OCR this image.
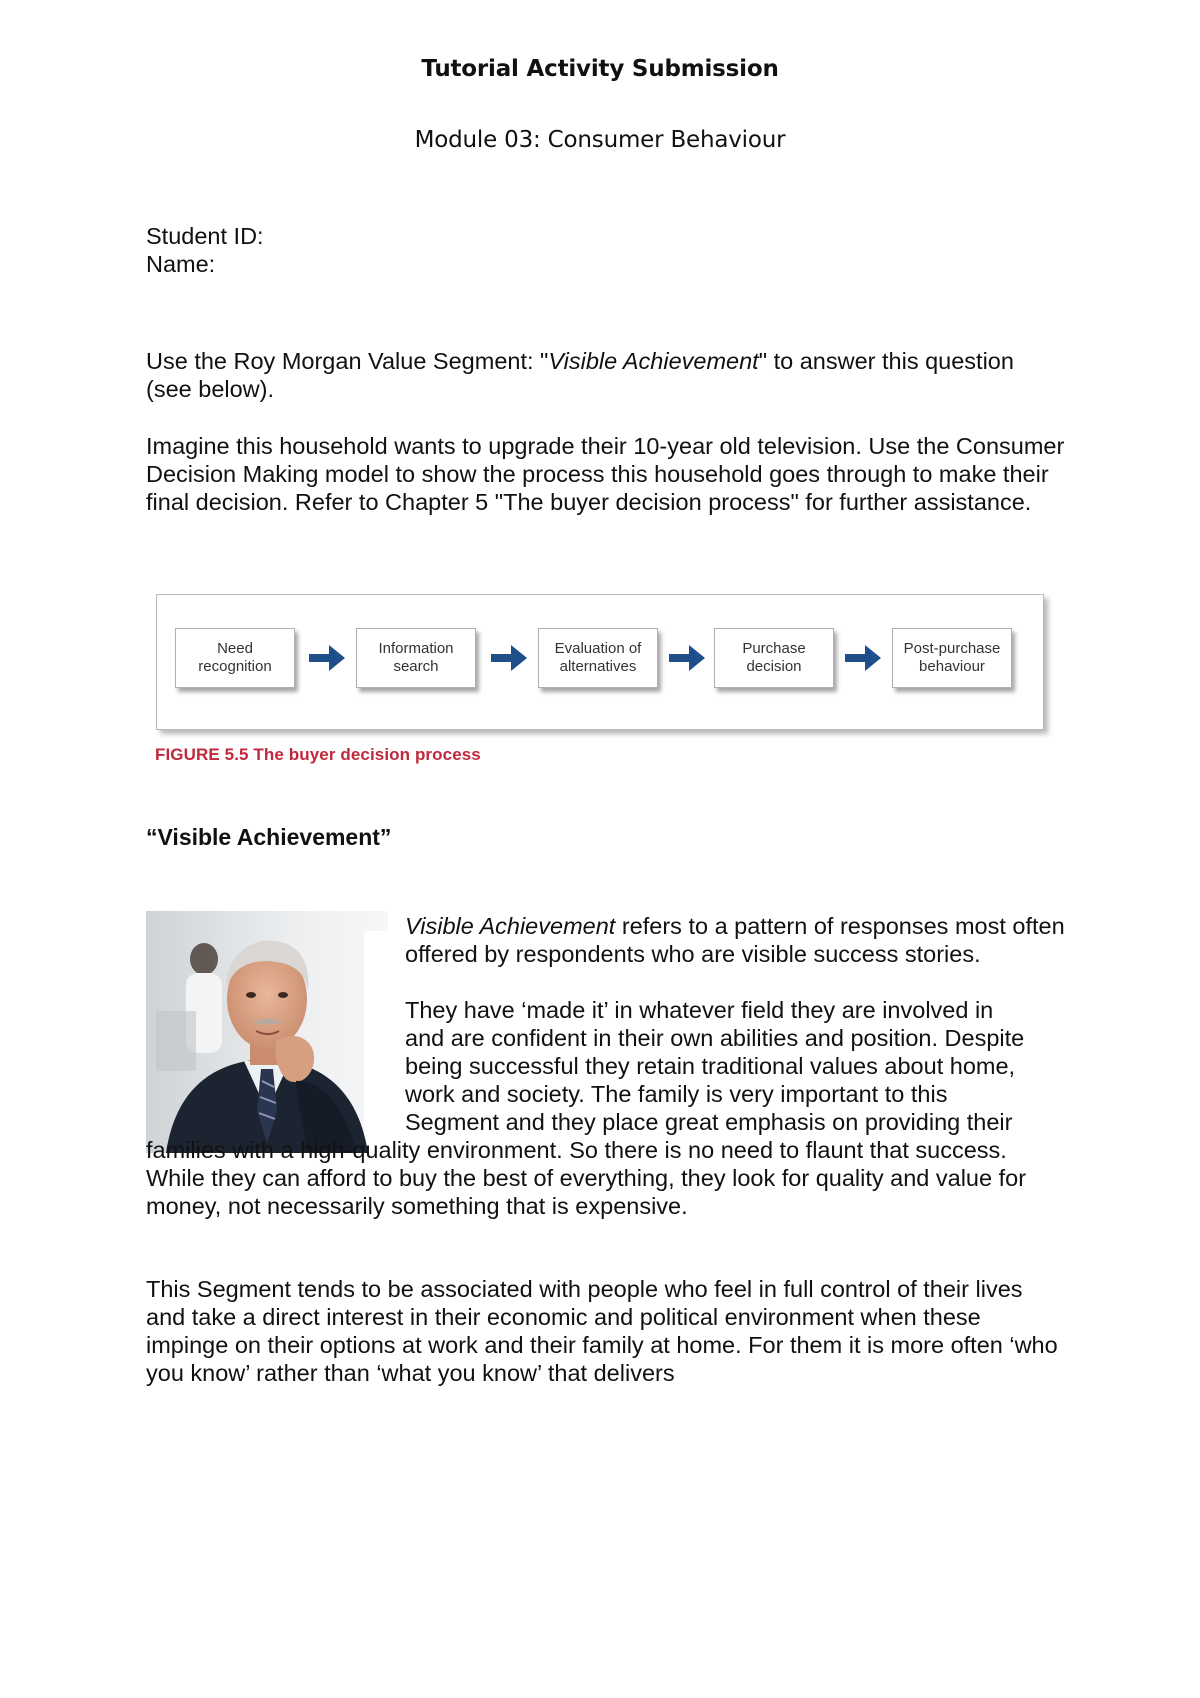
Tutorial Activity Submission
Module 03: Consumer Behaviour
Student ID:
Name:
Use the Roy Morgan Value Segment: "Visible Achievement" to answer this question (see below).
Imagine this household wants to upgrade their 10-year old television. Use the Consumer Decision Making model to show the process this household goes through to make their final decision. Refer to Chapter 5 "The buyer decision process" for further assistance.
Need
recognition
Information
search
Evaluation of
alternatives
Purchase
decision
Post-purchase
behaviour
FIGURE 5.5 The buyer decision process
“Visible Achievement”
Visible Achievement refers to a pattern of responses most often offered by respondents who are visible success stories.
They have ‘made it’ in whatever field they are involved in
and are confident in their own abilities and position. Despite
being successful they retain traditional values about home,
work and society. The family is very important to this
Segment and they place great emphasis on providing their
families with a high-quality environment. So there is no need to flaunt that success.
While they can afford to buy the best of everything, they look for quality and value for
money, not necessarily something that is expensive.
This Segment tends to be associated with people who feel in full control of their lives and take a direct interest in their economic and political environment when these impinge on their options at work and their family at home. For them it is more often ‘who you know’ rather than ‘what you know’ that delivers
